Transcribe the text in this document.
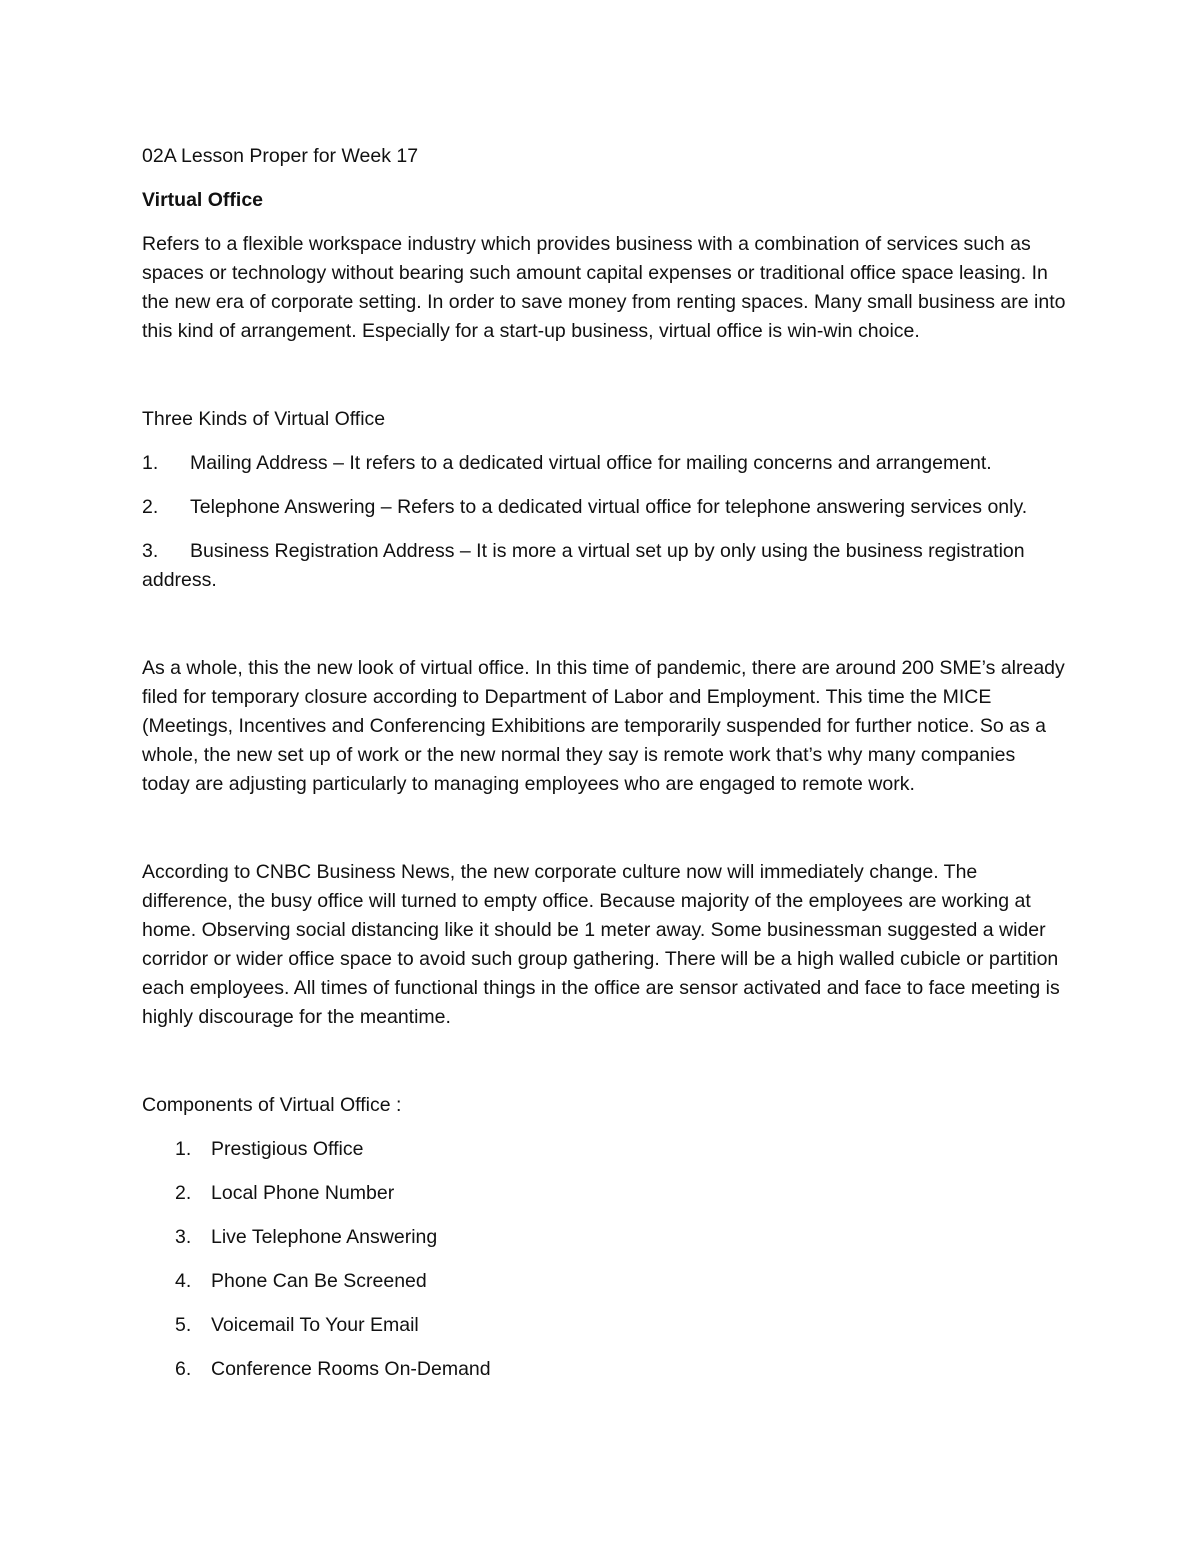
02A Lesson Proper for Week 17

Virtual Office

Refers to a flexible workspace industry which provides business with a combination of services such as spaces or technology without bearing such amount capital expenses or traditional office space leasing. In the new era of corporate setting. In order to save money from renting spaces. Many small business are into this kind of arrangement. Especially for a start-up business, virtual office is win-win choice.

Three Kinds of Virtual Office

1.	Mailing Address – It refers to a dedicated virtual office for mailing concerns and arrangement.
2.	Telephone Answering – Refers to a dedicated virtual office for telephone answering services only.
3. Business Registration Address – It is more a virtual set up by only using the business registration address.

As a whole, this the new look of virtual office. In this time of pandemic, there are around 200 SME’s already filed for temporary closure according to Department of Labor and Employment. This time the MICE (Meetings, Incentives and Conferencing Exhibitions are temporarily suspended for further notice. So as a whole, the new set up of work or the new normal they say is remote work that’s why many companies today are adjusting particularly to managing employees who are engaged to remote work.

According to CNBC Business News, the new corporate culture now will immediately change. The difference, the busy office will turned to empty office. Because majority of the employees are working at home. Observing social distancing like it should be 1 meter away. Some businessman suggested a wider corridor or wider office space to avoid such group gathering. There will be a high walled cubicle or partition each employees. All times of functional things in the office are sensor activated and face to face meeting is highly discourage for the meantime.

Components of Virtual Office :

1.	Prestigious Office
2.	Local Phone Number
3.	Live Telephone Answering
4.	Phone Can Be Screened
5.	Voicemail To Your Email
6.	Conference Rooms On-Demand
